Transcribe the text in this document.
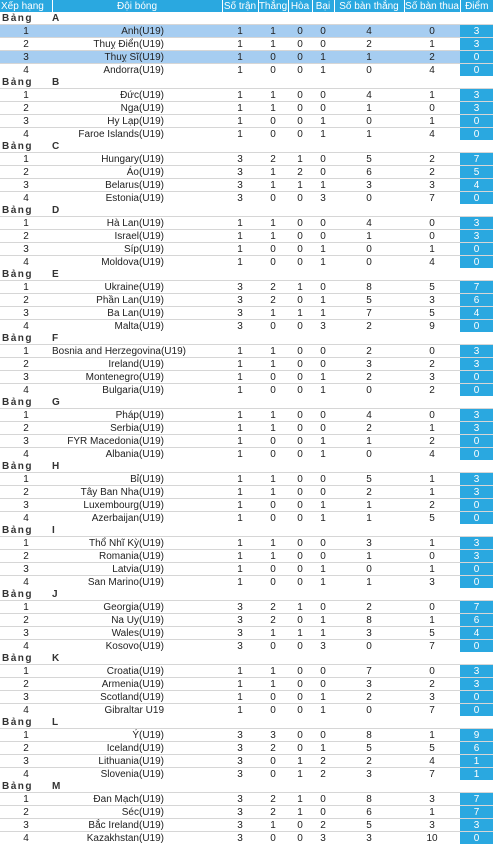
Xếp hạng	Đội bóng	Số trận	Thắng	Hòa	Bại	Số bàn thắng	Số bàn thua	Điểm
Bảng	A							
1	Anh(U19)	1	1	0	0	4	0	3
2	Thuỵ Điển(U19)	1	1	0	0	2	1	3
3	Thuỵ Sĩ(U19)	1	0	0	1	1	2	0
4	Andorra(U19)	1	0	0	1	0	4	0
Bảng	B							
1	Đức(U19)	1	1	0	0	4	1	3
2	Nga(U19)	1	1	0	0	1	0	3
3	Hy Lạp(U19)	1	0	0	1	0	1	0
4	Faroe Islands(U19)	1	0	0	1	1	4	0
Bảng	C							
1	Hungary(U19)	3	2	1	0	5	2	7
2	Áo(U19)	3	1	2	0	6	2	5
3	Belarus(U19)	3	1	1	1	3	3	4
4	Estonia(U19)	3	0	0	3	0	7	0
Bảng	D							
1	Hà Lan(U19)	1	1	0	0	4	0	3
2	Israel(U19)	1	1	0	0	1	0	3
3	Síp(U19)	1	0	0	1	0	1	0
4	Moldova(U19)	1	0	0	1	0	4	0
Bảng	E							
1	Ukraine(U19)	3	2	1	0	8	5	7
2	Phần Lan(U19)	3	2	0	1	5	3	6
3	Ba Lan(U19)	3	1	1	1	7	5	4
4	Malta(U19)	3	0	0	3	2	9	0
Bảng	F							
1	Bosnia and Herzegovina(U19)	1	1	0	0	2	0	3
2	Ireland(U19)	1	1	0	0	3	2	3
3	Montenegro(U19)	1	0	0	1	2	3	0
4	Bulgaria(U19)	1	0	0	1	0	2	0
Bảng	G							
1	Pháp(U19)	1	1	0	0	4	0	3
2	Serbia(U19)	1	1	0	0	2	1	3
3	FYR Macedonia(U19)	1	0	0	1	1	2	0
4	Albania(U19)	1	0	0	1	0	4	0
Bảng	H							
1	Bỉ(U19)	1	1	0	0	5	1	3
2	Tây Ban Nha(U19)	1	1	0	0	2	1	3
3	Luxembourg(U19)	1	0	0	1	1	2	0
4	Azerbaijan(U19)	1	0	0	1	1	5	0
Bảng	I							
1	Thổ Nhĩ Kỳ(U19)	1	1	0	0	3	1	3
2	Romania(U19)	1	1	0	0	1	0	3
3	Latvia(U19)	1	0	0	1	0	1	0
4	San Marino(U19)	1	0	0	1	1	3	0
Bảng	J							
1	Georgia(U19)	3	2	1	0	2	0	7
2	Na Uy(U19)	3	2	0	1	8	1	6
3	Wales(U19)	3	1	1	1	3	5	4
4	Kosovo(U19)	3	0	0	3	0	7	0
Bảng	K							
1	Croatia(U19)	1	1	0	0	7	0	3
2	Armenia(U19)	1	1	0	0	3	2	3
3	Scotland(U19)	1	0	0	1	2	3	0
4	Gibraltar U19	1	0	0	1	0	7	0
Bảng	L							
1	Ý(U19)	3	3	0	0	8	1	9
2	Iceland(U19)	3	2	0	1	5	5	6
3	Lithuania(U19)	3	0	1	2	2	4	1
4	Slovenia(U19)	3	0	1	2	3	7	1
Bảng	M							
1	Đan Mạch(U19)	3	2	1	0	8	3	7
2	Séc(U19)	3	2	1	0	6	1	7
3	Bắc Ireland(U19)	3	1	0	2	5	3	3
4	Kazakhstan(U19)	3	0	0	3	3	10	0
